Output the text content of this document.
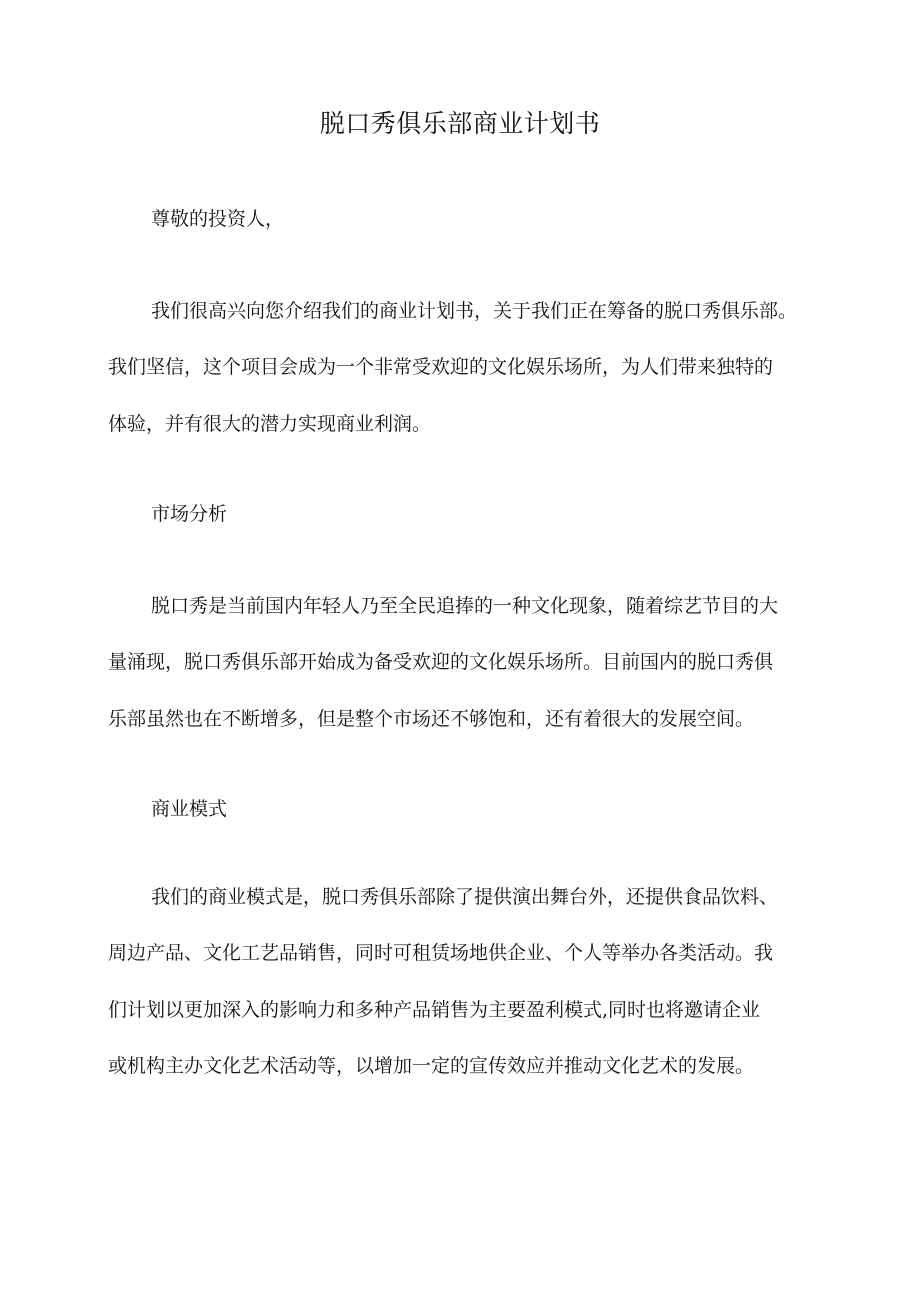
脱口秀俱乐部商业计划书

尊敬的投资人，

我们很高兴向您介绍我们的商业计划书，关于我们正在筹备的脱口秀俱乐部。

我们坚信，这个项目会成为一个非常受欢迎的文化娱乐场所，为人们带来独特的

体验，并有很大的潜力实现商业利润。

市场分析

脱口秀是当前国内年轻人乃至全民追捧的一种文化现象，随着综艺节目的大

量涌现，脱口秀俱乐部开始成为备受欢迎的文化娱乐场所。目前国内的脱口秀俱

乐部虽然也在不断增多，但是整个市场还不够饱和，还有着很大的发展空间。

商业模式

我们的商业模式是，脱口秀俱乐部除了提供演出舞台外，还提供食品饮料、

周边产品、文化工艺品销售，同时可租赁场地供企业、个人等举办各类活动。我

们计划以更加深入的影响力和多种产品销售为主要盈利模式,同时也将邀请企业

或机构主办文化艺术活动等，以增加一定的宣传效应并推动文化艺术的发展。
